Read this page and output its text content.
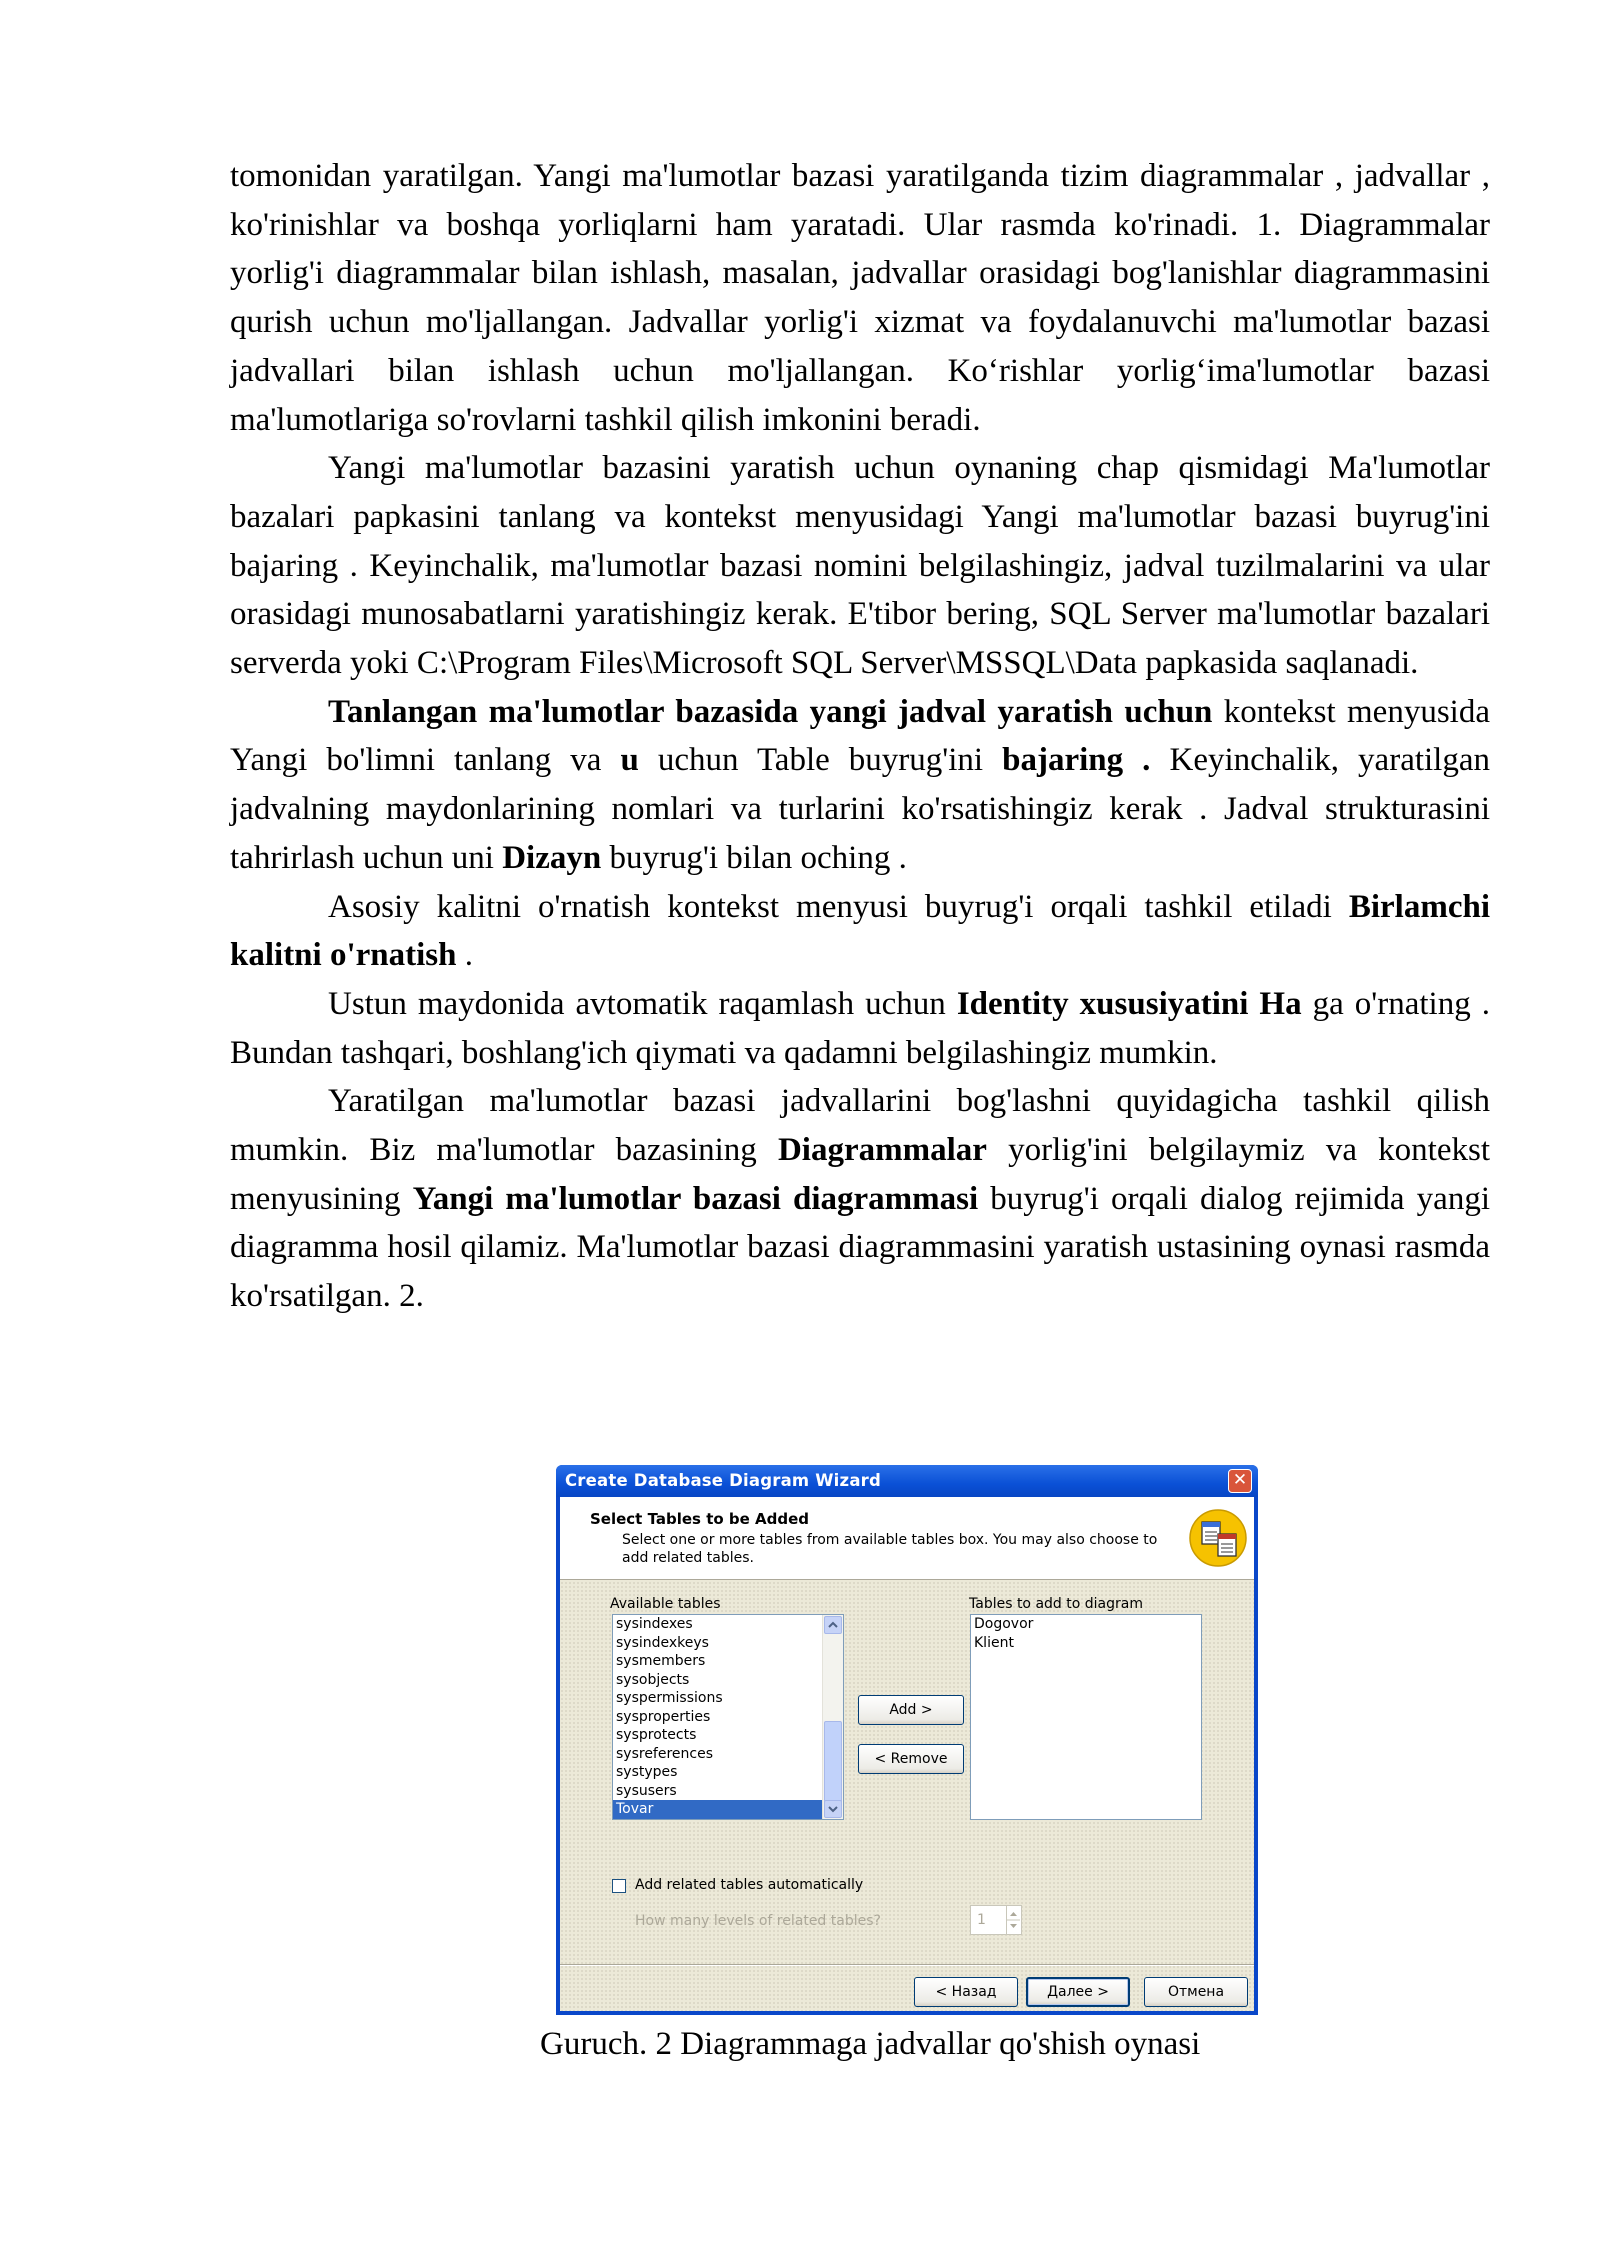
tomonidan yaratilgan. Yangi ma'lumotlar bazasi yaratilganda tizim diagrammalar , jadvallar , ko'rinishlar va boshqa yorliqlarni ham yaratadi. Ular rasmda ko'rinadi. 1. Diagrammalar yorlig'i diagrammalar bilan ishlash, masalan, jadvallar orasidagi bog'lanishlar diagrammasini qurish uchun mo'ljallangan. Jadvallar yorlig'i xizmat va foydalanuvchi ma'lumotlar bazasi jadvallari bilan ishlash uchun mo'ljallangan. Ko‘rishlar yorlig‘ima'lumotlar bazasi ma'lumotlariga so'rovlarni tashkil qilish imkonini beradi.

Yangi ma'lumotlar bazasini yaratish uchun oynaning chap qismidagi Ma'lumotlar bazalari papkasini tanlang va kontekst menyusidagi Yangi ma'lumotlar bazasi buyrug'ini bajaring . Keyinchalik, ma'lumotlar bazasi nomini belgilashingiz, jadval tuzilmalarini va ular orasidagi munosabatlarni yaratishingiz kerak. E'tibor bering, SQL Server ma'lumotlar bazalari serverda yoki C:\Program Files\Microsoft SQL Server\MSSQL\Data papkasida saqlanadi.

Tanlangan ma'lumotlar bazasida yangi jadval yaratish uchun kontekst menyusida Yangi bo'limni tanlang va u uchun Table buyrug'ini bajaring . Keyinchalik, yaratilgan jadvalning maydonlarining nomlari va turlarini ko'rsatishingiz kerak . Jadval strukturasini tahrirlash uchun uni Dizayn buyrug'i bilan oching .

Asosiy kalitni o'rnatish kontekst menyusi buyrug'i orqali tashkil etiladi Birlamchi kalitni o'rnatish .

Ustun maydonida avtomatik raqamlash uchun Identity xususiyatini Ha ga o'rnating . Bundan tashqari, boshlang'ich qiymati va qadamni belgilashingiz mumkin.

Yaratilgan ma'lumotlar bazasi jadvallarini bog'lashni quyidagicha tashkil qilish mumkin. Biz ma'lumotlar bazasining Diagrammalar yorlig'ini belgilaymiz va kontekst menyusining Yangi ma'lumotlar bazasi diagrammasi buyrug'i orqali dialog rejimida yangi diagramma hosil qilamiz. Ma'lumotlar bazasi diagrammasini yaratish ustasining oynasi rasmda ko'rsatilgan. 2.

Create Database Diagram Wizard	✕
Select Tables to be Added
Select one or more tables from available tables box. You may also choose to add related tables.
Available tables
sysindexes
sysindexkeys
sysmembers
sysobjects
syspermissions
sysproperties
sysprotects
sysreferences
systypes
sysusers
Tovar
Add >
< Remove
Tables to add to diagram
Dogovor
Klient
Add related tables automatically
How many levels of related tables?	1
< Назад	Далее >	Отмена
Guruch. 2 Diagrammaga jadvallar qo'shish oynasi
